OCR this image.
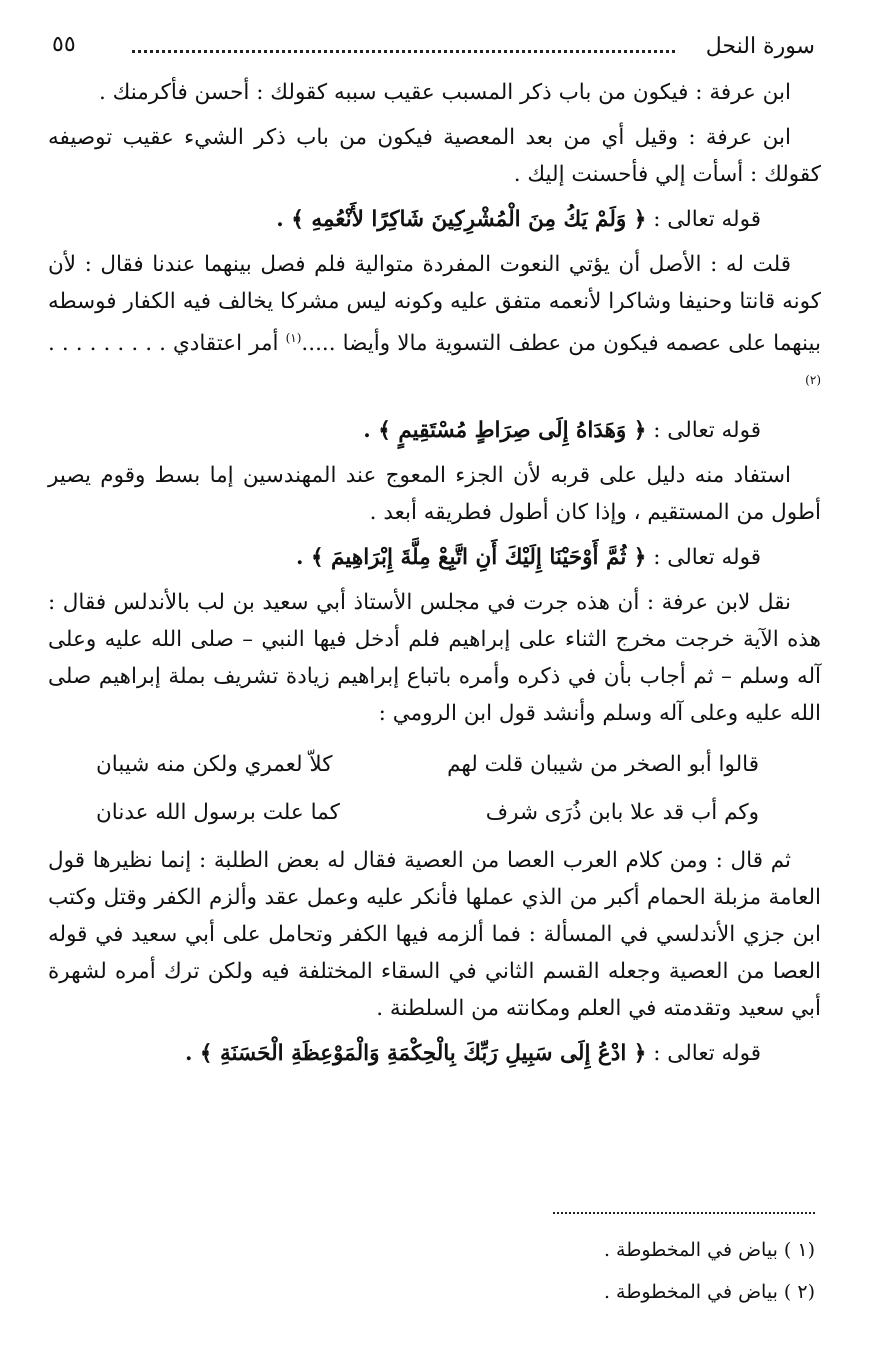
سورة النحل
٥٥

ابن عرفة : فيكون من باب ذكر المسبب عقيب سببه كقولك : أحسن فأكرمنك .

ابن عرفة : وقيل أي من بعد المعصية فيكون من باب ذكر الشيء عقيب توصيفه كقولك : أسأت إلي فأحسنت إليك .

قوله تعالى : ﴿ وَلَمْ يَكُ مِنَ الْمُشْرِكِينَ شَاكِرًا لأَنْعُمِهِ ﴾ .

قلت له : الأصل أن يؤتي النعوت المفردة متوالية فلم فصل بينهما عندنا فقال : لأن كونه قانتا وحنيفا وشاكرا لأنعمه متفق عليه وكونه ليس مشركا يخالف فيه الكفار فوسطه بينهما على عصمه فيكون من عطف التسوية مالا وأيضا .....$^{(١)}$ أمر اعتقادي . . . . . . . . .$^{(٢)}$

قوله تعالى : ﴿ وَهَدَاهُ إِلَى صِرَاطٍ مُسْتَقِيمٍ ﴾ .

استفاد منه دليل على قربه لأن الجزء المعوج عند المهندسين إما بسط وقوم يصير أطول من المستقيم ، وإذا كان أطول فطريقه أبعد .

قوله تعالى : ﴿ ثُمَّ أَوْحَيْنَا إِلَيْكَ أَنِ اتَّبِعْ مِلَّةَ إِبْرَاهِيمَ ﴾ .

نقل لابن عرفة : أن هذه جرت في مجلس الأستاذ أبي سعيد بن لب بالأندلس فقال : هذه الآية خرجت مخرج الثناء على إبراهيم فلم أدخل فيها النبي – صلى الله عليه وعلى آله وسلم – ثم أجاب بأن في ذكره وأمره باتباع إبراهيم زيادة تشريف بملة إبراهيم صلى الله عليه وعلى آله وسلم وأنشد قول ابن الرومي :

قالوا أبو الصخر من شيبان قلت لهم
كلاّ لعمري ولكن منه شيبان
وكم أب قد علا بابن ذُرَى شرف
كما علت برسول الله عدنان

ثم قال : ومن كلام العرب العصا من العصية فقال له بعض الطلبة : إنما نظيرها قول العامة مزبلة الحمام أكبر من الذي عملها فأنكر عليه وعمل عقد وألزم الكفر وقتل وكتب ابن جزي الأندلسي في المسألة : فما ألزمه فيها الكفر وتحامل على أبي سعيد في قوله العصا من العصية وجعله القسم الثاني في السقاء المختلفة فيه ولكن ترك أمره لشهرة أبي سعيد وتقدمته في العلم ومكانته من السلطنة .

قوله تعالى : ﴿ ادْعُ إِلَى سَبِيلِ رَبِّكَ بِالْحِكْمَةِ وَالْمَوْعِظَةِ الْحَسَنَةِ ﴾ .

(١ ) بياض في المخطوطة .
(٢ ) بياض في المخطوطة .
